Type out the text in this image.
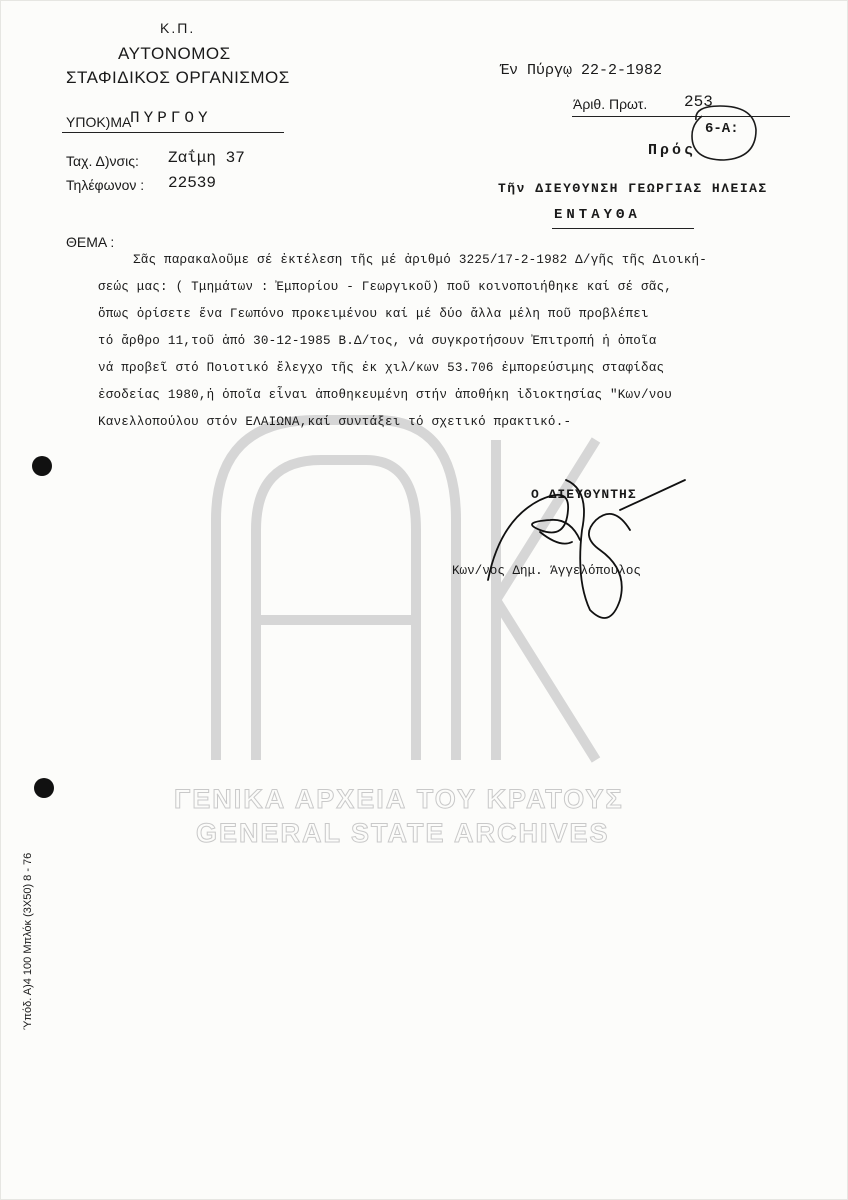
ΓΕΝΙΚΑ ΑΡΧΕΙΑ ΤΟΥ ΚΡΑΤΟΥΣ
GENERAL STATE ARCHIVES
Κ.Π.
ΑΥΤΟΝΟΜΟΣ
ΣΤΑΦΙΔΙΚΟΣ ΟΡΓΑΝΙΣΜΟΣ
ΥΠΟΚ)ΜΑ
ΠΥΡΓΟΥ
Ταχ. Δ)νσις: Ζαΐμη 37
Τηλέφωνον : 22539
Έν Πύργῳ 22-2-1982
Άριθ. Πρωτ. 253
6-Α:
Πρός
Τῆν ΔΙΕΥΘΥΝΣΗ ΓΕΩΡΓΙΑΣ ΗΛΕΙΑΣ
ΕΝΤΑΥΘΑ
ΘΕΜΑ :
Σᾶς παρακαλοῦμε σέ ἐκτέλεση τῆς μέ ἀριθμό 3225/17-2-1982 Δ/γῆς τῆς Διοική-
σεώς μας: ( Τμημάτων : Ἐμπορίου - Γεωργικοῦ) ποῦ κοινοποιήθηκε καί σέ σᾶς,
ὅπως ὁρίσετε ἕνα Γεωπόνο προκειμένου καί μέ δύο ἄλλα μέλη ποῦ προβλέπει
τό ἄρθρο 11,τοῦ ἀπό 30-12-1985 Β.Δ/τος, νά συγκροτήσουν Ἐπιτροπή ἡ ὁποῖα
νά προβεῖ στό Ποιοτικό ἔλεγχο τῆς ἐκ χιλ/κων 53.706 ἐμπορεύσιμης σταφίδας
ἐσοδείας 1980,ἡ ὁποῖα εἶναι ἀποθηκευμένη στήν ἀποθήκη ἰδιοκτησίας "Κων/νου
Κανελλοπούλου στόν ΕΛΑΙΩΝΑ,καί συντάξει τό σχετικό πρακτικό.-
Ο ΔΙΕΥΘΥΝΤΗΣ
Κων/νος Δημ. Άγγελόπουλος
Ύπόδ. Α)4 100 Μπλόκ (3Χ50) 8 - 76
